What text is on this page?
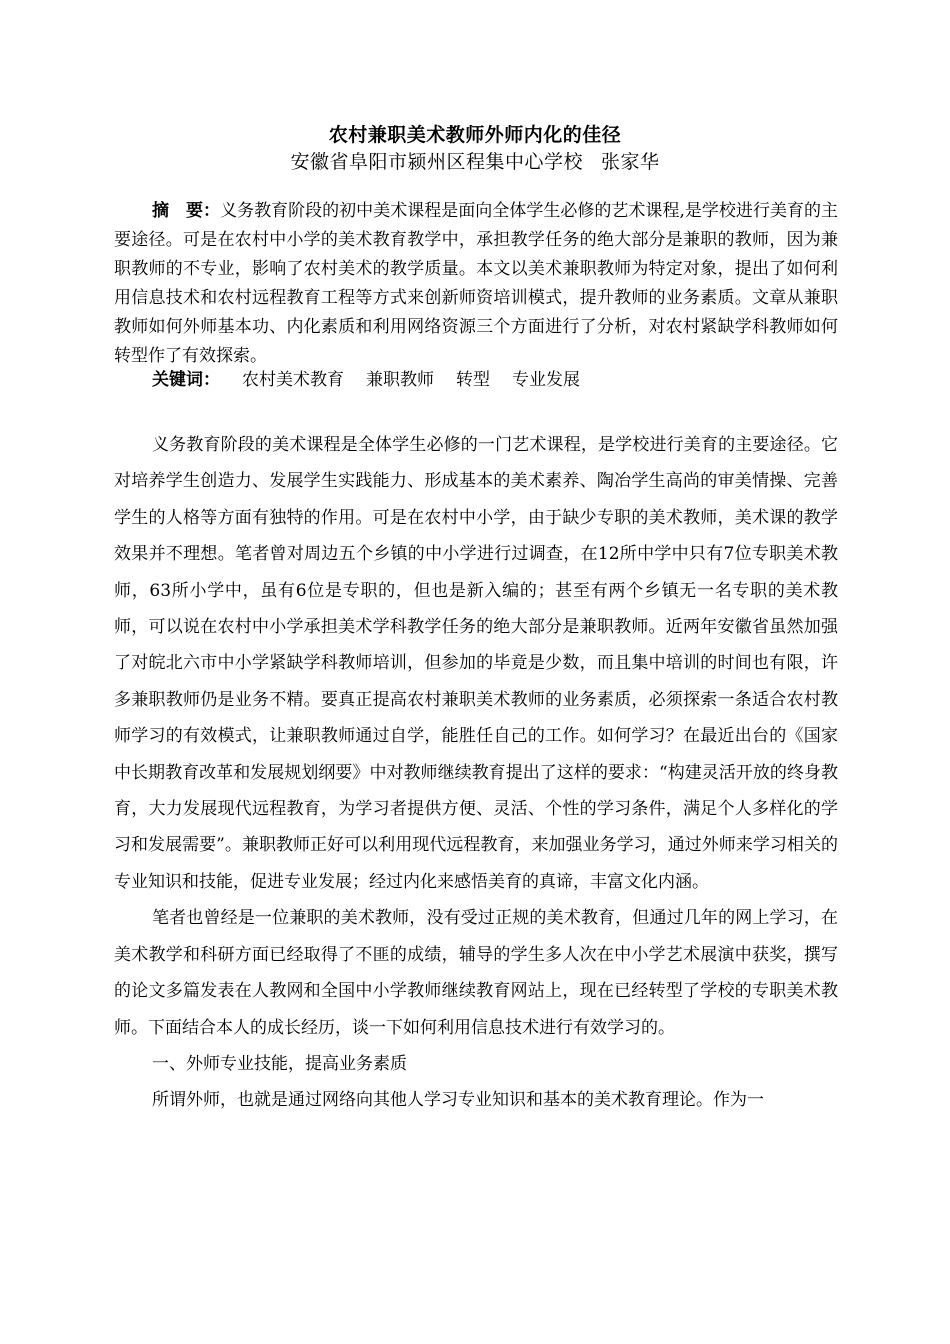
农村兼职美术教师外师内化的佳径
安徽省阜阳市颍州区程集中心学校 张家华

摘　要：义务教育阶段的初中美术课程是面向全体学生必修的艺术课程,是学校进行美育的主要途径。可是在农村中小学的美术教育教学中，承担教学任务的绝大部分是兼职的教师，因为兼职教师的不专业，影响了农村美术的教学质量。本文以美术兼职教师为特定对象，提出了如何利用信息技术和农村远程教育工程等方式来创新师资培训模式，提升教师的业务素质。文章从兼职教师如何外师基本功、内化素质和利用网络资源三个方面进行了分析，对农村紧缺学科教师如何转型作了有效探索。

关键词： 农村美术教育 兼职教师 转型 专业发展

义务教育阶段的美术课程是全体学生必修的一门艺术课程，是学校进行美育的主要途径。它对培养学生创造力、发展学生实践能力、形成基本的美术素养、陶冶学生高尚的审美情操、完善学生的人格等方面有独特的作用。可是在农村中小学，由于缺少专职的美术教师，美术课的教学效果并不理想。笔者曾对周边五个乡镇的中小学进行过调查，在12所中学中只有7位专职美术教师，63所小学中，虽有6位是专职的，但也是新入编的；甚至有两个乡镇无一名专职的美术教师，可以说在农村中小学承担美术学科教学任务的绝大部分是兼职教师。近两年安徽省虽然加强了对皖北六市中小学紧缺学科教师培训，但参加的毕竟是少数，而且集中培训的时间也有限，许多兼职教师仍是业务不精。要真正提高农村兼职美术教师的业务素质，必须探索一条适合农村教师学习的有效模式，让兼职教师通过自学，能胜任自己的工作。如何学习？在最近出台的《国家中长期教育改革和发展规划纲要》中对教师继续教育提出了这样的要求：“构建灵活开放的终身教育，大力发展现代远程教育，为学习者提供方便、灵活、个性的学习条件，满足个人多样化的学习和发展需要”。兼职教师正好可以利用现代远程教育，来加强业务学习，通过外师来学习相关的专业知识和技能，促进专业发展；经过内化来感悟美育的真谛，丰富文化内涵。

笔者也曾经是一位兼职的美术教师，没有受过正规的美术教育，但通过几年的网上学习，在美术教学和科研方面已经取得了不匪的成绩，辅导的学生多人次在中小学艺术展演中获奖，撰写的论文多篇发表在人教网和全国中小学教师继续教育网站上，现在已经转型了学校的专职美术教师。下面结合本人的成长经历，谈一下如何利用信息技术进行有效学习的。

一、外师专业技能，提高业务素质

所谓外师，也就是通过网络向其他人学习专业知识和基本的美术教育理论。作为一
